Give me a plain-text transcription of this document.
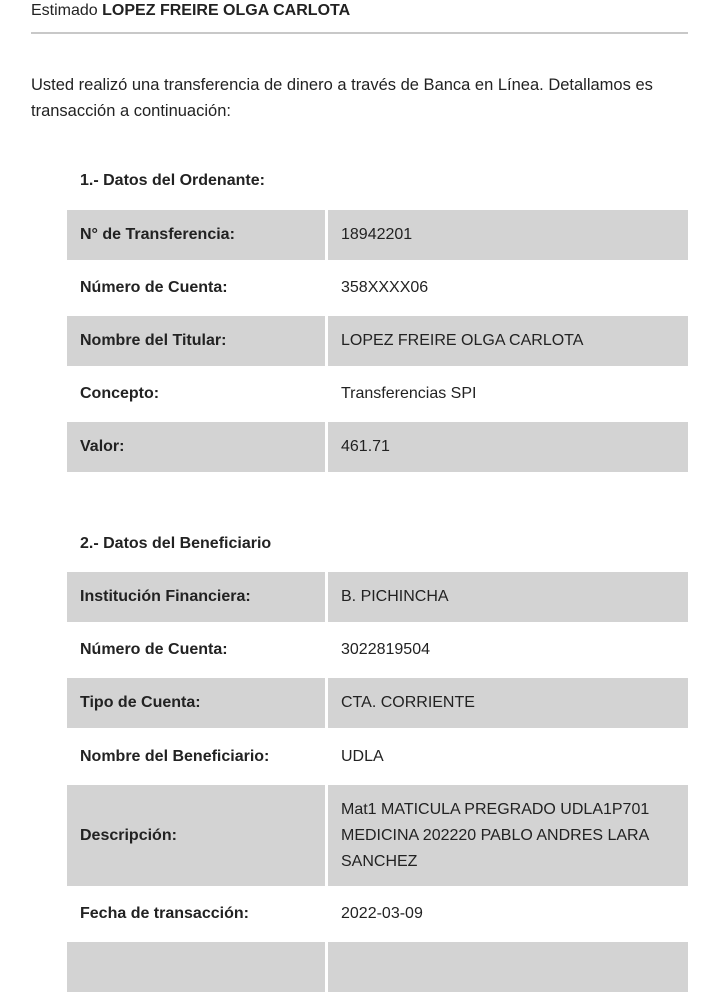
Estimado LOPEZ FREIRE OLGA CARLOTA
Usted realizó una transferencia de dinero a través de Banca en Línea. Detallamos es
transacción a continuación:
1.- Datos del Ordenante:
N° de Transferencia:	18942201
Número de Cuenta:	358XXXX06
Nombre del Titular:	LOPEZ FREIRE OLGA CARLOTA
Concepto:	Transferencias SPI
Valor:	461.71
2.- Datos del Beneficiario
Institución Financiera:	B. PICHINCHA
Número de Cuenta:	3022819504
Tipo de Cuenta:	CTA. CORRIENTE
Nombre del Beneficiario:	UDLA
Descripción:
Mat1 MATICULA PREGRADO UDLA1P701 MEDICINA 202220 PABLO ANDRES LARA SANCHEZ
Fecha de transacción:	2022-03-09
